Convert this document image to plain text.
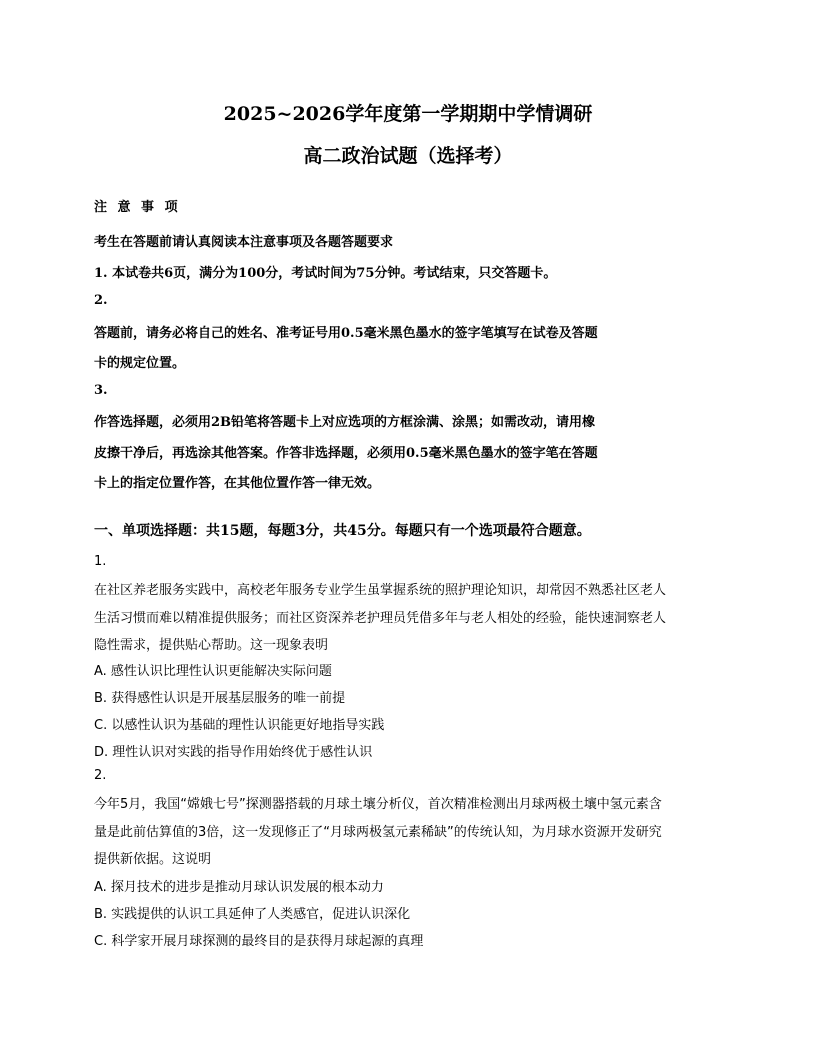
2025~2026学年度第一学期期中学情调研
高二政治试题（选择考）
注 意 事 项
考生在答题前请认真阅读本注意事项及各题答题要求
1. 本试卷共6页，满分为100分，考试时间为75分钟。考试结束，只交答题卡。
2.
答题前，请务必将自己的姓名、准考证号用0.5毫米黑色墨水的签字笔填写在试卷及答题
卡的规定位置。
3.
作答选择题，必须用2B铅笔将答题卡上对应选项的方框涂满、涂黑；如需改动，请用橡
皮擦干净后，再选涂其他答案。作答非选择题，必须用0.5毫米黑色墨水的签字笔在答题
卡上的指定位置作答，在其他位置作答一律无效。
一、单项选择题：共15题，每题3分，共45分。每题只有一个选项最符合题意。
1.
在社区养老服务实践中，高校老年服务专业学生虽掌握系统的照护理论知识，却常因不熟悉社区老人
生活习惯而难以精准提供服务；而社区资深养老护理员凭借多年与老人相处的经验，能快速洞察老人
隐性需求，提供贴心帮助。这一现象表明
A. 感性认识比理性认识更能解决实际问题
B. 获得感性认识是开展基层服务的唯一前提
C. 以感性认识为基础的理性认识能更好地指导实践
D. 理性认识对实践的指导作用始终优于感性认识
2.
今年5月，我国“嫦娥七号”探测器搭载的月球土壤分析仪，首次精准检测出月球两极土壤中氢元素含
量是此前估算值的3倍，这一发现修正了“月球两极氢元素稀缺”的传统认知，为月球水资源开发研究
提供新依据。这说明
A. 探月技术的进步是推动月球认识发展的根本动力
B. 实践提供的认识工具延伸了人类感官，促进认识深化
C. 科学家开展月球探测的最终目的是获得月球起源的真理
